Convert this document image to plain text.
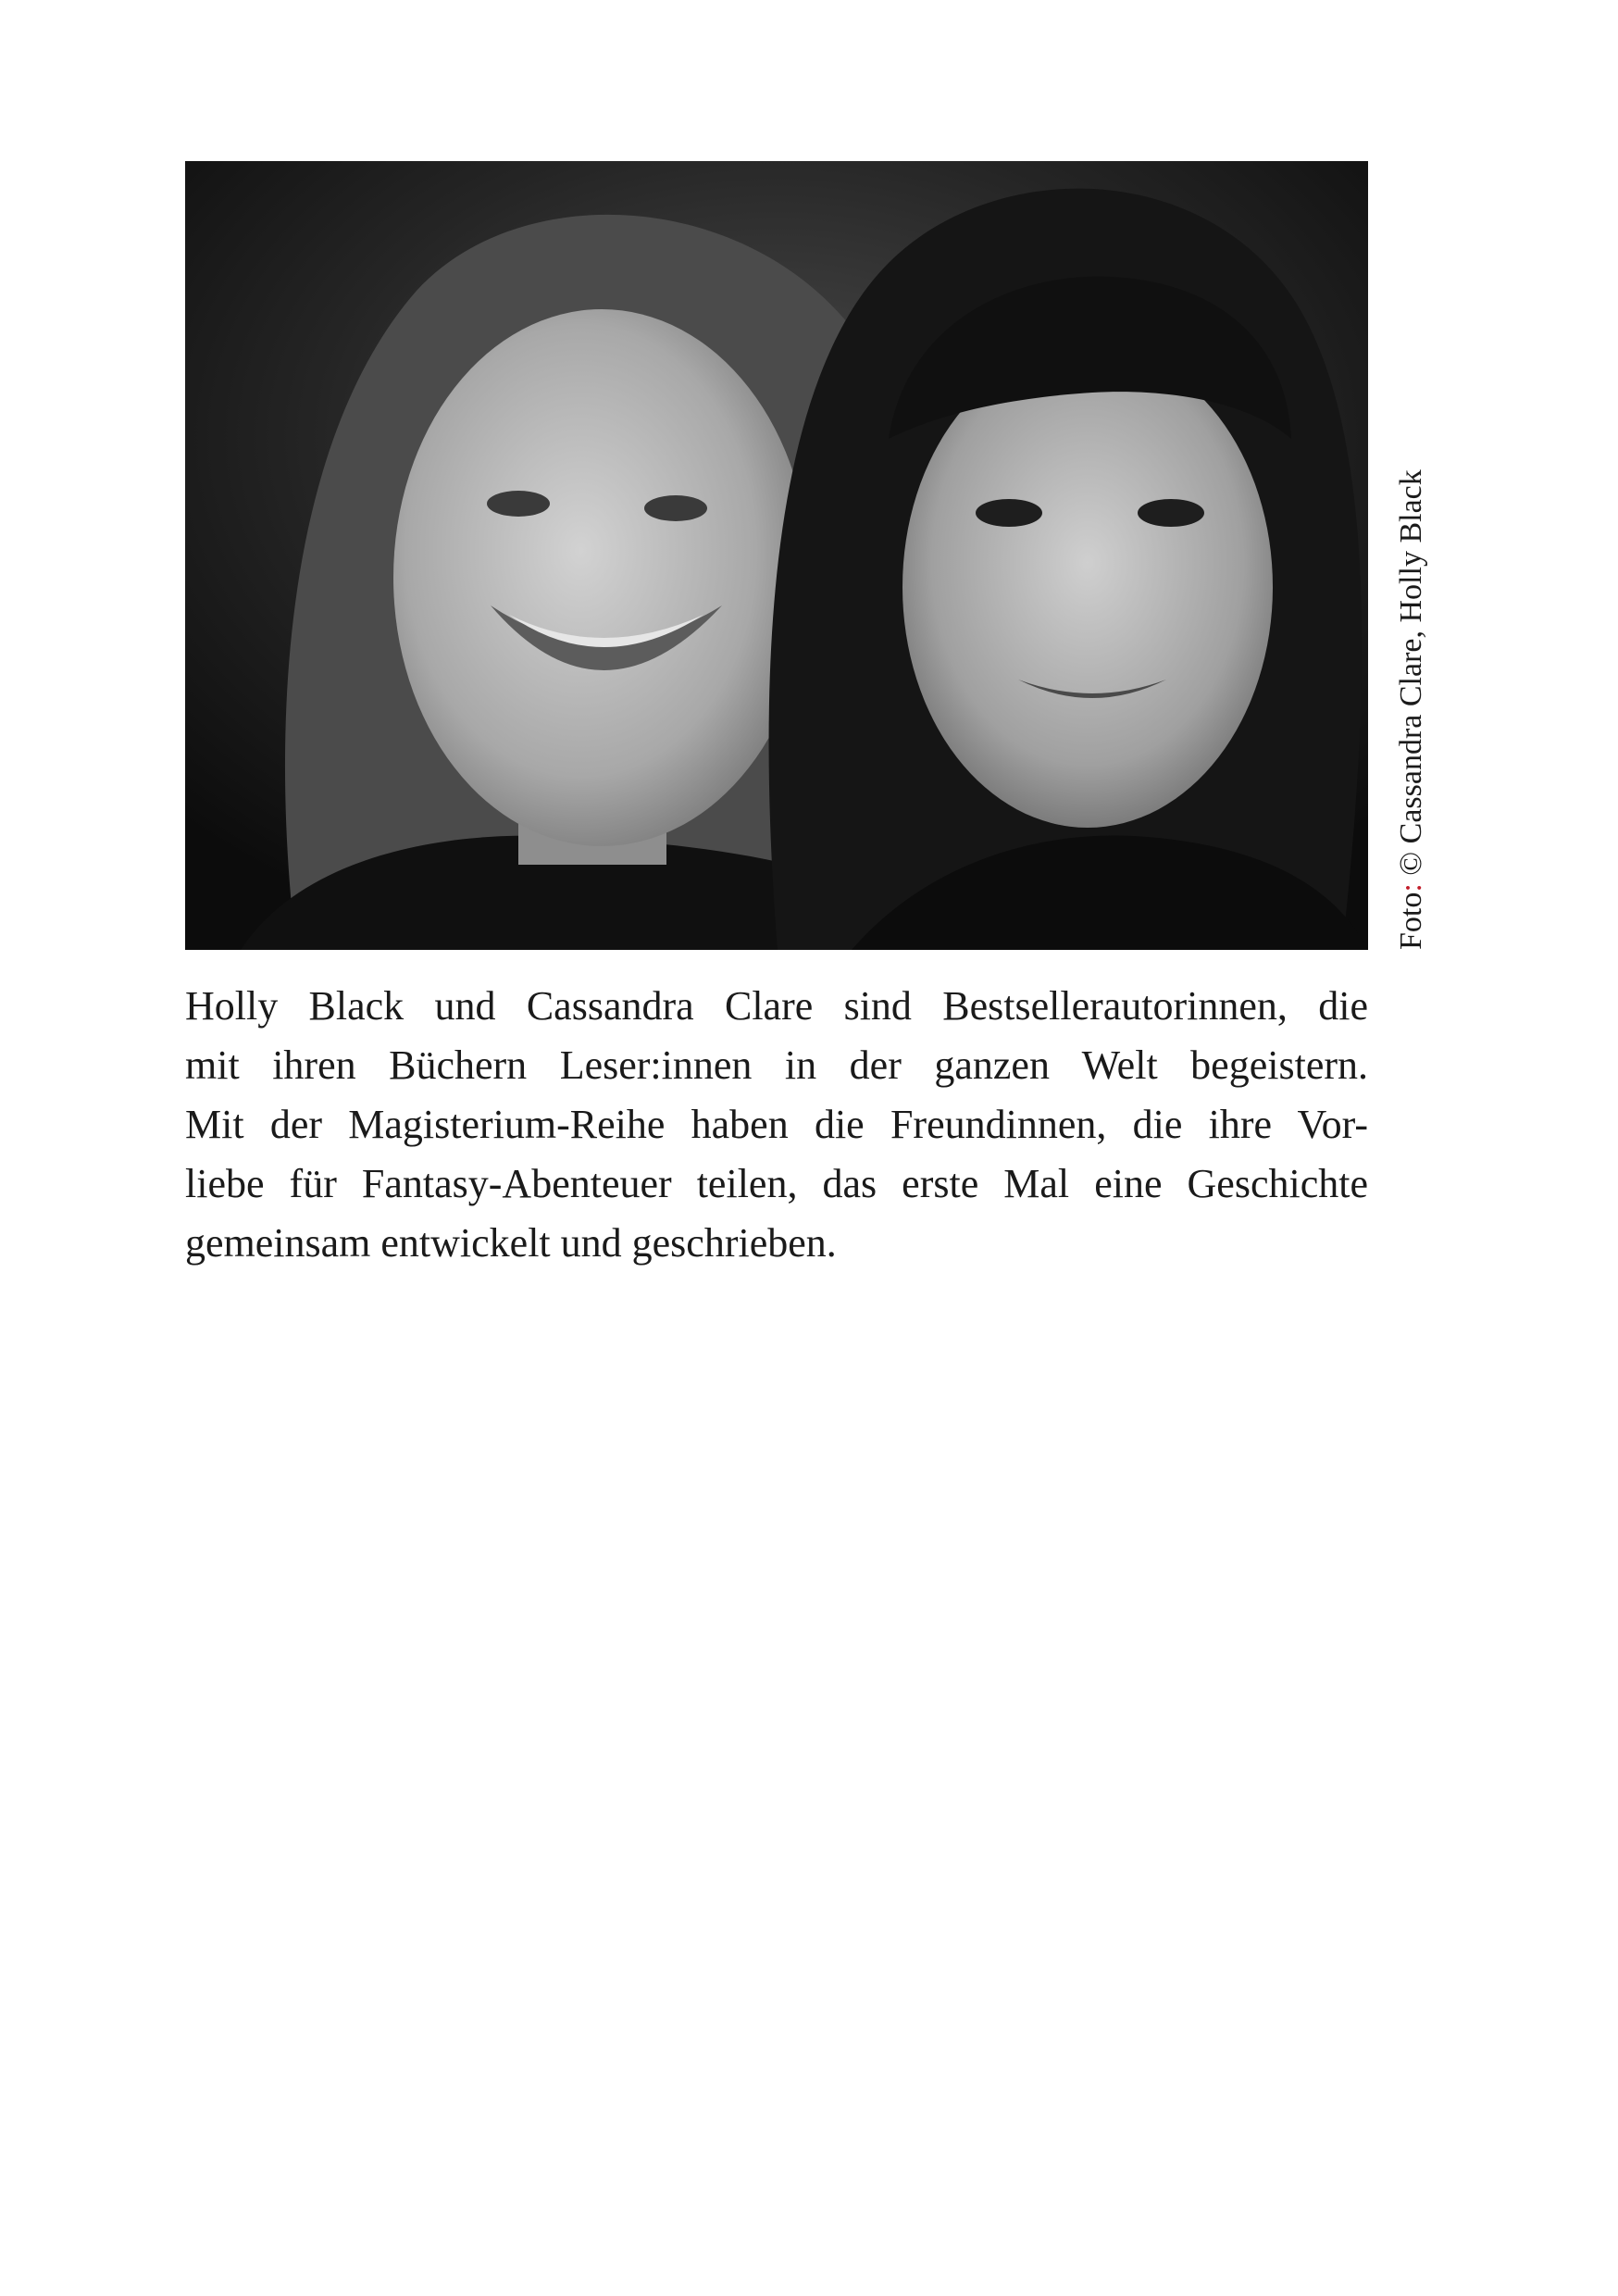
Foto: © Cassandra Clare, Holly Black

Holly Black und Cassandra Clare sind Bestsellerautorinnen, die
mit ihren Büchern Leser:innen in der ganzen Welt begeistern.
Mit der Magisterium-Reihe haben die Freundinnen, die ihre Vor-
liebe für Fantasy-Abenteuer teilen, das erste Mal eine Geschichte
gemeinsam entwickelt und geschrieben.
